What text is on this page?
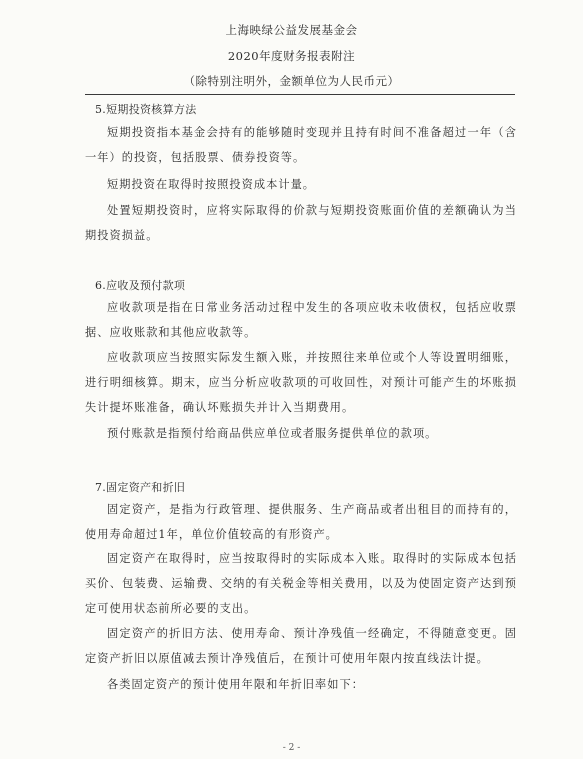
上海映绿公益发展基金会
2020年度财务报表附注
（除特别注明外，金额单位为人民币元）
5.短期投资核算方法

短期投资指本基金会持有的能够随时变现并且持有时间不准备超过一年（含一年）的投资，包括股票、债券投资等。

短期投资在取得时按照投资成本计量。

处置短期投资时，应将实际取得的价款与短期投资账面价值的差额确认为当期投资损益。

6.应收及预付款项

应收款项是指在日常业务活动过程中发生的各项应收未收债权，包括应收票据、应收账款和其他应收款等。

应收款项应当按照实际发生额入账，并按照往来单位或个人等设置明细账，进行明细核算。期末，应当分析应收款项的可收回性，对预计可能产生的坏账损失计提坏账准备，确认坏账损失并计入当期费用。

预付账款是指预付给商品供应单位或者服务提供单位的款项。

7.固定资产和折旧

固定资产，是指为行政管理、提供服务、生产商品或者出租目的而持有的，使用寿命超过1年，单位价值较高的有形资产。

固定资产在取得时，应当按取得时的实际成本入账。取得时的实际成本包括买价、包装费、运输费、交纳的有关税金等相关费用，以及为使固定资产达到预定可使用状态前所必要的支出。

固定资产的折旧方法、使用寿命、预计净残值一经确定，不得随意变更。固定资产折旧以原值减去预计净残值后，在预计可使用年限内按直线法计提。

各类固定资产的预计使用年限和年折旧率如下：

- 2 -
